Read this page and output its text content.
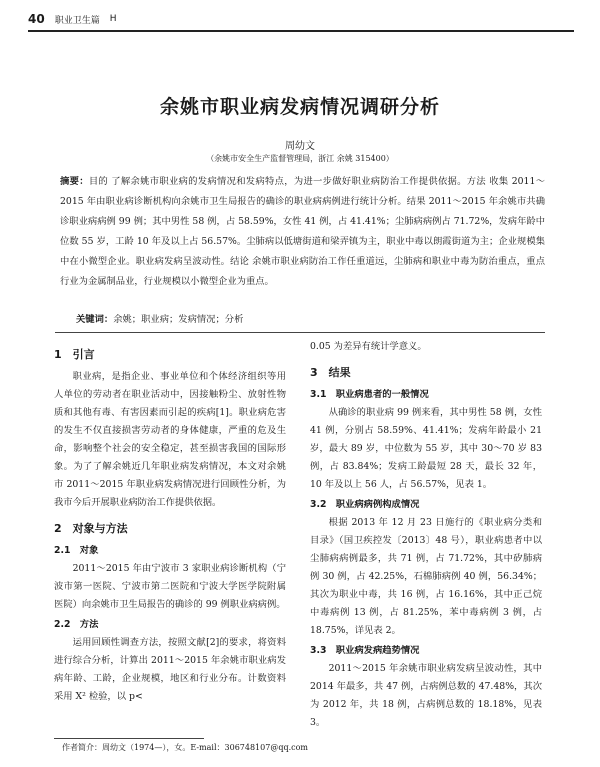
40 职业卫生篇 H
余姚市职业病发病情况调研分析
周幼文
（余姚市安全生产监督管理局，浙江 余姚 315400）
摘要：目的 了解余姚市职业病的发病情况和发病特点，为进一步做好职业病防治工作提供依据。方法 收集 2011～2015 年由职业病诊断机构向余姚市卫生局报告的确诊的职业病病例进行统计分析。结果 2011～2015 年余姚市共确诊职业病病例 99 例；其中男性 58 例，占 58.59%，女性 41 例，占 41.41%；尘肺病病例占 71.72%，发病年龄中位数 55 岁，工龄 10 年及以上占 56.57%。尘肺病以低塘街道和梁弄镇为主，职业中毒以朗霞街道为主；企业规模集中在小微型企业。职业病发病呈波动性。结论 余姚市职业病防治工作任重道远，尘肺病和职业中毒为防治重点，重点行业为金属制品业，行业规模以小微型企业为重点。
关键词：余姚；职业病；发病情况；分析
1　引言

职业病，是指企业、事业单位和个体经济组织等用人单位的劳动者在职业活动中，因接触粉尘、放射性物质和其他有毒、有害因素而引起的疾病[1]。职业病危害的发生不仅直接损害劳动者的身体健康，严重的危及生命，影响整个社会的安全稳定，甚至损害我国的国际形象。为了了解余姚近几年职业病发病情况，本文对余姚市 2011～2015 年职业病发病情况进行回顾性分析，为我市今后开展职业病防治工作提供依据。

2　对象与方法
2.1　对象

2011～2015 年由宁波市 3 家职业病诊断机构（宁波市第一医院、宁波市第二医院和宁波大学医学院附属医院）向余姚市卫生局报告的确诊的 99 例职业病病例。

2.2　方法

运用回顾性调查方法，按照文献[2]的要求，将资料进行综合分析，计算出 2011～2015 年余姚市职业病发病年龄、工龄，企业规模，地区和行业分布。计数资料采用 X² 检验，以 p<

0.05 为差异有统计学意义。

3　结果
3.1　职业病患者的一般情况

从确诊的职业病 99 例来看，其中男性 58 例，女性 41 例，分别占 58.59%、41.41%；发病年龄最小 21 岁，最大 89 岁，中位数为 55 岁，其中 30～70 岁 83 例，占 83.84%；发病工龄最短 28 天，最长 32 年，10 年及以上 56 人，占 56.57%，见表 1。

3.2　职业病病例构成情况

根据 2013 年 12 月 23 日施行的《职业病分类和目录》（国卫疾控发〔2013〕48 号），职业病患者中以尘肺病病例最多，共 71 例，占 71.72%，其中矽肺病例 30 例，占 42.25%，石棉肺病例 40 例，56.34%；其次为职业中毒，共 16 例，占 16.16%，其中正己烷中毒病例 13 例，占 81.25%，苯中毒病例 3 例，占 18.75%，详见表 2。

3.3　职业病发病趋势情况

2011～2015 年余姚市职业病发病呈波动性，其中 2014 年最多，共 47 例，占病例总数的 47.48%，其次为 2012 年，共 18 例，占病例总数的 18.18%，见表 3。

作者简介：周幼文（1974—），女。E-mail：306748107@qq.com
